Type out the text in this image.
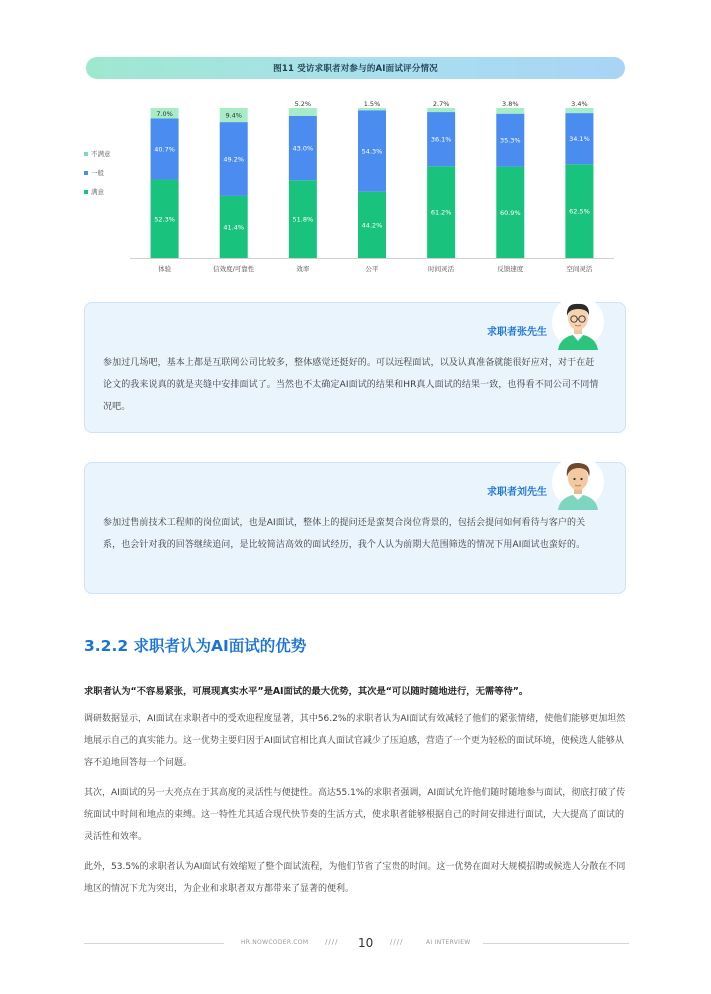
图11 受访求职者对参与的AI面试评分情况
52.3%
40.7%
7.0%
体验
41.4%
49.2%
9.4%
信效度/可靠性
51.8%
43.0%
5.2%
效率
44.2%
54.3%
1.5%
公平
61.2%
36.1%
2.7%
时间灵活
60.9%
35.3%
3.8%
反馈速度
62.5%
34.1%
3.4%
空间灵活
不满意
一般
满意
求职者张先生
参加过几场吧，基本上都是互联网公司比较多，整体感觉还挺好的。可以远程面试，以及认真准备就能很好应对，对于在赶论文的我来说真的就是夹缝中安排面试了。当然也不太确定AI面试的结果和HR真人面试的结果一致，也得看不同公司不同情况吧。
求职者刘先生
参加过售前技术工程师的岗位面试，也是AI面试，整体上的提问还是蛮契合岗位背景的，包括会提问如何看待与客户的关系，也会针对我的回答继续追问，是比较简洁高效的面试经历，我个人认为前期大范围筛选的情况下用AI面试也蛮好的。
3.2.2 求职者认为AI面试的优势
求职者认为“不容易紧张，可展现真实水平”是AI面试的最大优势，其次是“可以随时随地进行，无需等待”。
调研数据显示，AI面试在求职者中的受欢迎程度显著，其中56.2%的求职者认为AI面试有效减轻了他们的紧张情绪，使他们能够更加坦然地展示自己的真实能力。这一优势主要归因于AI面试官相比真人面试官减少了压迫感，营造了一个更为轻松的面试环境，使候选人能够从容不迫地回答每一个问题。
其次，AI面试的另一大亮点在于其高度的灵活性与便捷性。高达55.1%的求职者强调，AI面试允许他们随时随地参与面试，彻底打破了传统面试中时间和地点的束缚。这一特性尤其适合现代快节奏的生活方式，使求职者能够根据自己的时间安排进行面试，大大提高了面试的灵活性和效率。
此外，53.5%的求职者认为AI面试有效缩短了整个面试流程，为他们节省了宝贵的时间。这一优势在面对大规模招聘或候选人分散在不同地区的情况下尤为突出，为企业和求职者双方都带来了显著的便利。
HR.NOWCODER.COM //// 10 ////	AI INTERVIEW
